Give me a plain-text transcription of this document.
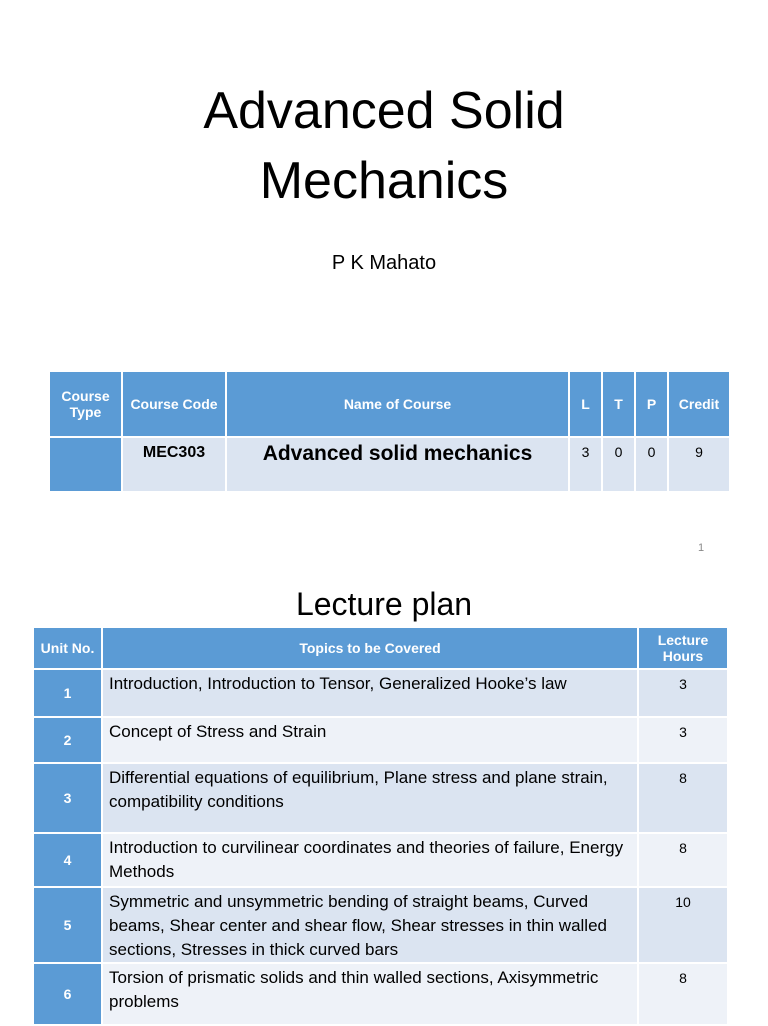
Advanced Solid
Mechanics
P K Mahato
Course Type	Course Code	Name of Course	L	T	P	Credit
	MEC303	Advanced solid mechanics	3	0	0	9
1
Lecture plan
Unit No.	Topics to be Covered	Lecture Hours
1	Introduction, Introduction to Tensor, Generalized Hooke’s law	3
2	Concept of Stress and Strain	3
3	Differential equations of equilibrium, Plane stress and plane strain, compatibility conditions	8
4	Introduction to curvilinear coordinates and theories of failure, Energy Methods	8
5	Symmetric and unsymmetric bending of straight beams, Curved beams, Shear center and shear flow, Shear stresses in thin walled sections, Stresses in thick curved bars	10
6	Torsion of prismatic solids and thin walled sections, Axisymmetric problems	8
